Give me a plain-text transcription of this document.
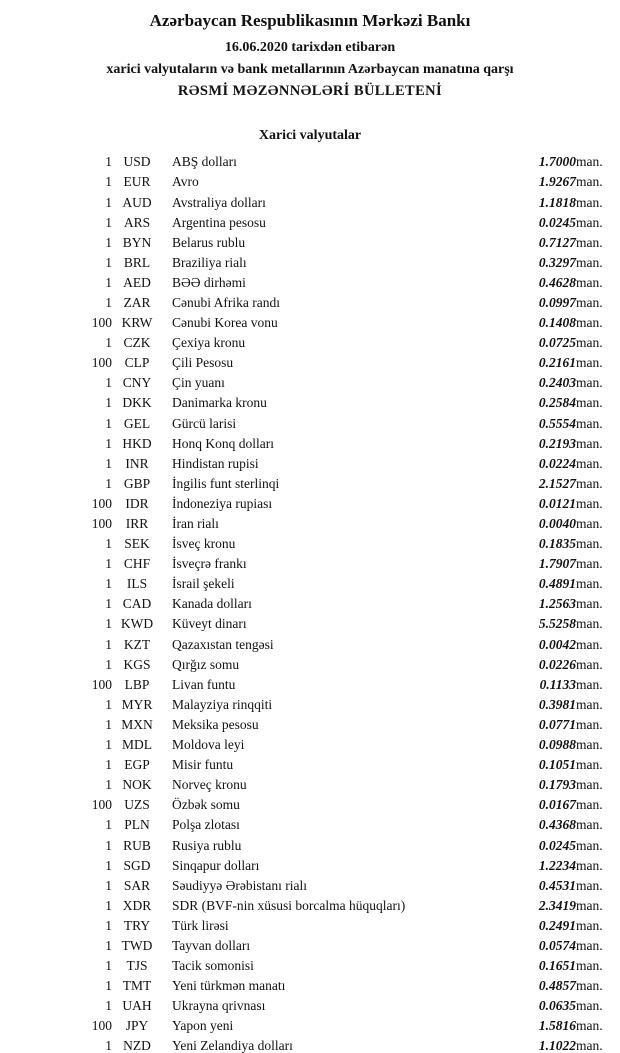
Azərbaycan Respublikasının Mərkəzi Bankı
16.06.2020 tarixdən etibarən
xarici valyutaların və bank metallarının Azərbaycan manatına qarşı
RƏSMİ MƏZƏNNƏLƏRİ BÜLLETENİ
Xarici valyutalar
1 USD	ABŞ dolları	1.7000 man.
1 EUR	Avro	1.9267 man.
1 AUD	Avstraliya dolları	1.1818 man.
1 ARS	Argentina pesosu	0.0245 man.
1 BYN	Belarus rublu	0.7127 man.
1 BRL	Braziliya rialı	0.3297 man.
1 AED	BƏƏ dirhəmi	0.4628 man.
1 ZAR	Cənubi Afrika randı	0.0997 man.
100 KRW	Cənubi Korea vonu	0.1408 man.
1 CZK	Çexiya kronu	0.0725 man.
100 CLP	Çili Pesosu	0.2161 man.
1 CNY	Çin yuanı	0.2403 man.
1 DKK	Danimarka kronu	0.2584 man.
1 GEL	Gürcü larisi	0.5554 man.
1 HKD	Honq Konq dolları	0.2193 man.
1 INR	Hindistan rupisi	0.0224 man.
1 GBP	İngilis funt sterlinqi	2.1527 man.
100 IDR	İndoneziya rupiası	0.0121 man.
100	IRR	İran rialı	0.0040 man.
1 SEK	İsveç kronu	0.1835 man.
1 CHF	İsveçrə frankı	1.7907 man.
1	ILS	İsrail şekeli	0.4891 man.
1 CAD	Kanada dolları	1.2563 man.
1 KWD	Küveyt dinarı	5.5258 man.
1 KZT	Qazaxıstan tengəsi	0.0042 man.
1 KGS	Qırğız somu	0.0226 man.
100 LBP	Livan funtu	0.1133 man.
1 MYR	Malayziya rinqqiti	0.3981 man.
1 MXN	Meksika pesosu	0.0771 man.
1 MDL	Moldova leyi	0.0988 man.
1 EGP	Misir funtu	0.1051 man.
1 NOK	Norveç kronu	0.1793 man.
100 UZS	Özbək somu	0.0167 man.
1 PLN	Polşa zlotası	0.4368 man.
1 RUB	Rusiya rublu	0.0245 man.
1 SGD	Sinqapur dolları	1.2234 man.
1 SAR	Səudiyyə Ərəbistanı rialı	0.4531 man.
1 XDR	SDR (BVF-nin xüsusi borcalma hüquqları)	2.3419 man.
1 TRY	Türk lirəsi	0.2491 man.
1 TWD	Tayvan dolları	0.0574 man.
1	TJS	Tacik somonisi	0.1651 man.
1 TMT	Yeni türkmən manatı	0.4857 man.
1 UAH	Ukrayna qrivnası	0.0635 man.
100	JPY	Yapon yeni	1.5816 man.
1 NZD	Yeni Zelandiya dolları	1.1022 man.
